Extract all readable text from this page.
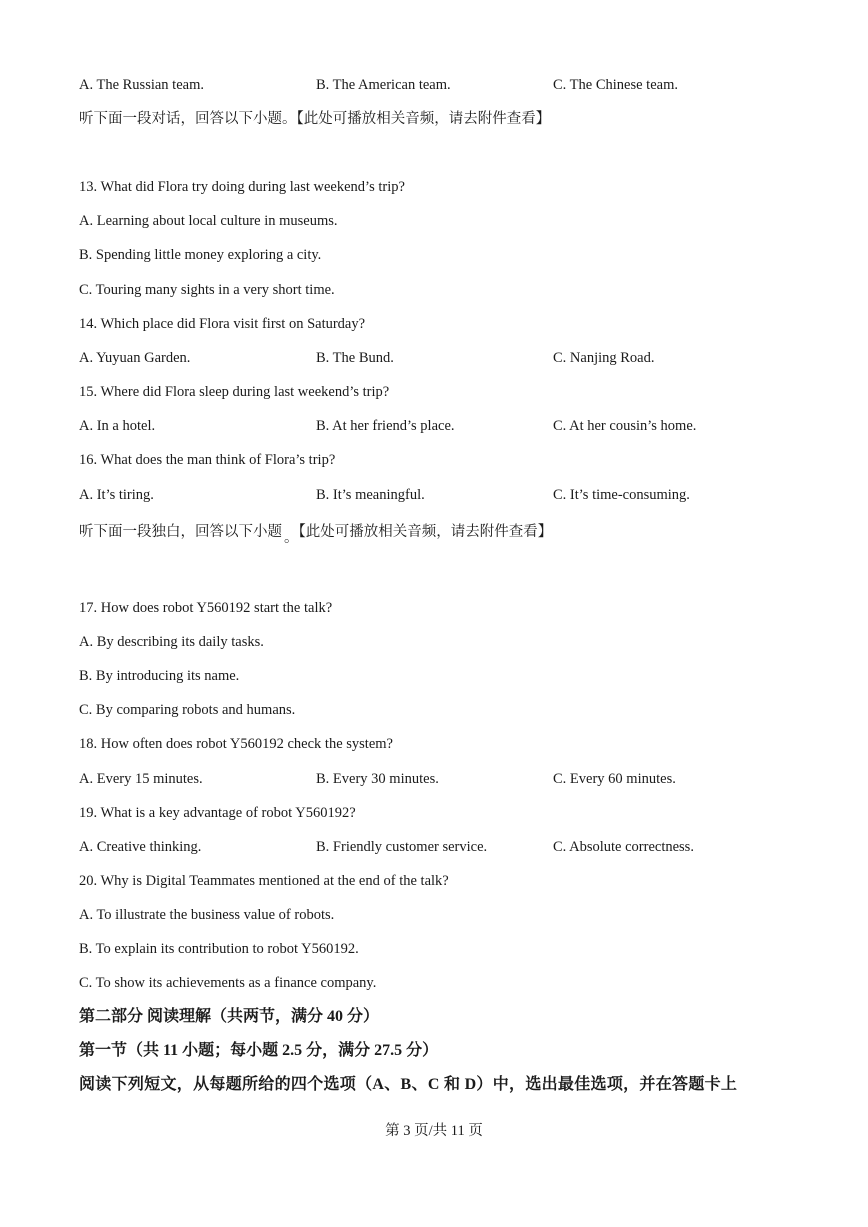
A. The Russian team.	B. The American team.	C. The Chinese team.
听下面一段对话，回答以下小题。【此处可播放相关音频，请去附件查看】
13. What did Flora try doing during last weekend’s trip?
A. Learning about local culture in museums.
B. Spending little money exploring a city.
C. Touring many sights in a very short time.
14. Which place did Flora visit first on Saturday?
A. Yuyuan Garden.	B. The Bund.	C. Nanjing Road.
15. Where did Flora sleep during last weekend’s trip?
A. In a hotel.	B. At her friend’s place.	C. At her cousin’s home.
16. What does the man think of Flora’s trip?
A. It’s tiring.	B. It’s meaningful.	C. It’s time-consuming.
听下面一段独白，回答以下小题 。【此处可播放相关音频，请去附件查看】
17. How does robot Y560192 start the talk?
A. By describing its daily tasks.
B. By introducing its name.
C. By comparing robots and humans.
18. How often does robot Y560192 check the system?
A. Every 15 minutes.	B. Every 30 minutes.	C. Every 60 minutes.
19. What is a key advantage of robot Y560192?
A. Creative thinking.	B. Friendly customer service.	C. Absolute correctness.
20. Why is Digital Teammates mentioned at the end of the talk?
A. To illustrate the business value of robots.
B. To explain its contribution to robot Y560192.
C. To show its achievements as a finance company.
第二部分 阅读理解（共两节，满分 40 分）
第一节（共 11 小题；每小题 2.5 分，满分 27.5 分）
阅读下列短文，从每题所给的四个选项（A、B、C 和 D）中，选出最佳选项，并在答题卡上
第 3 页/共 11 页
